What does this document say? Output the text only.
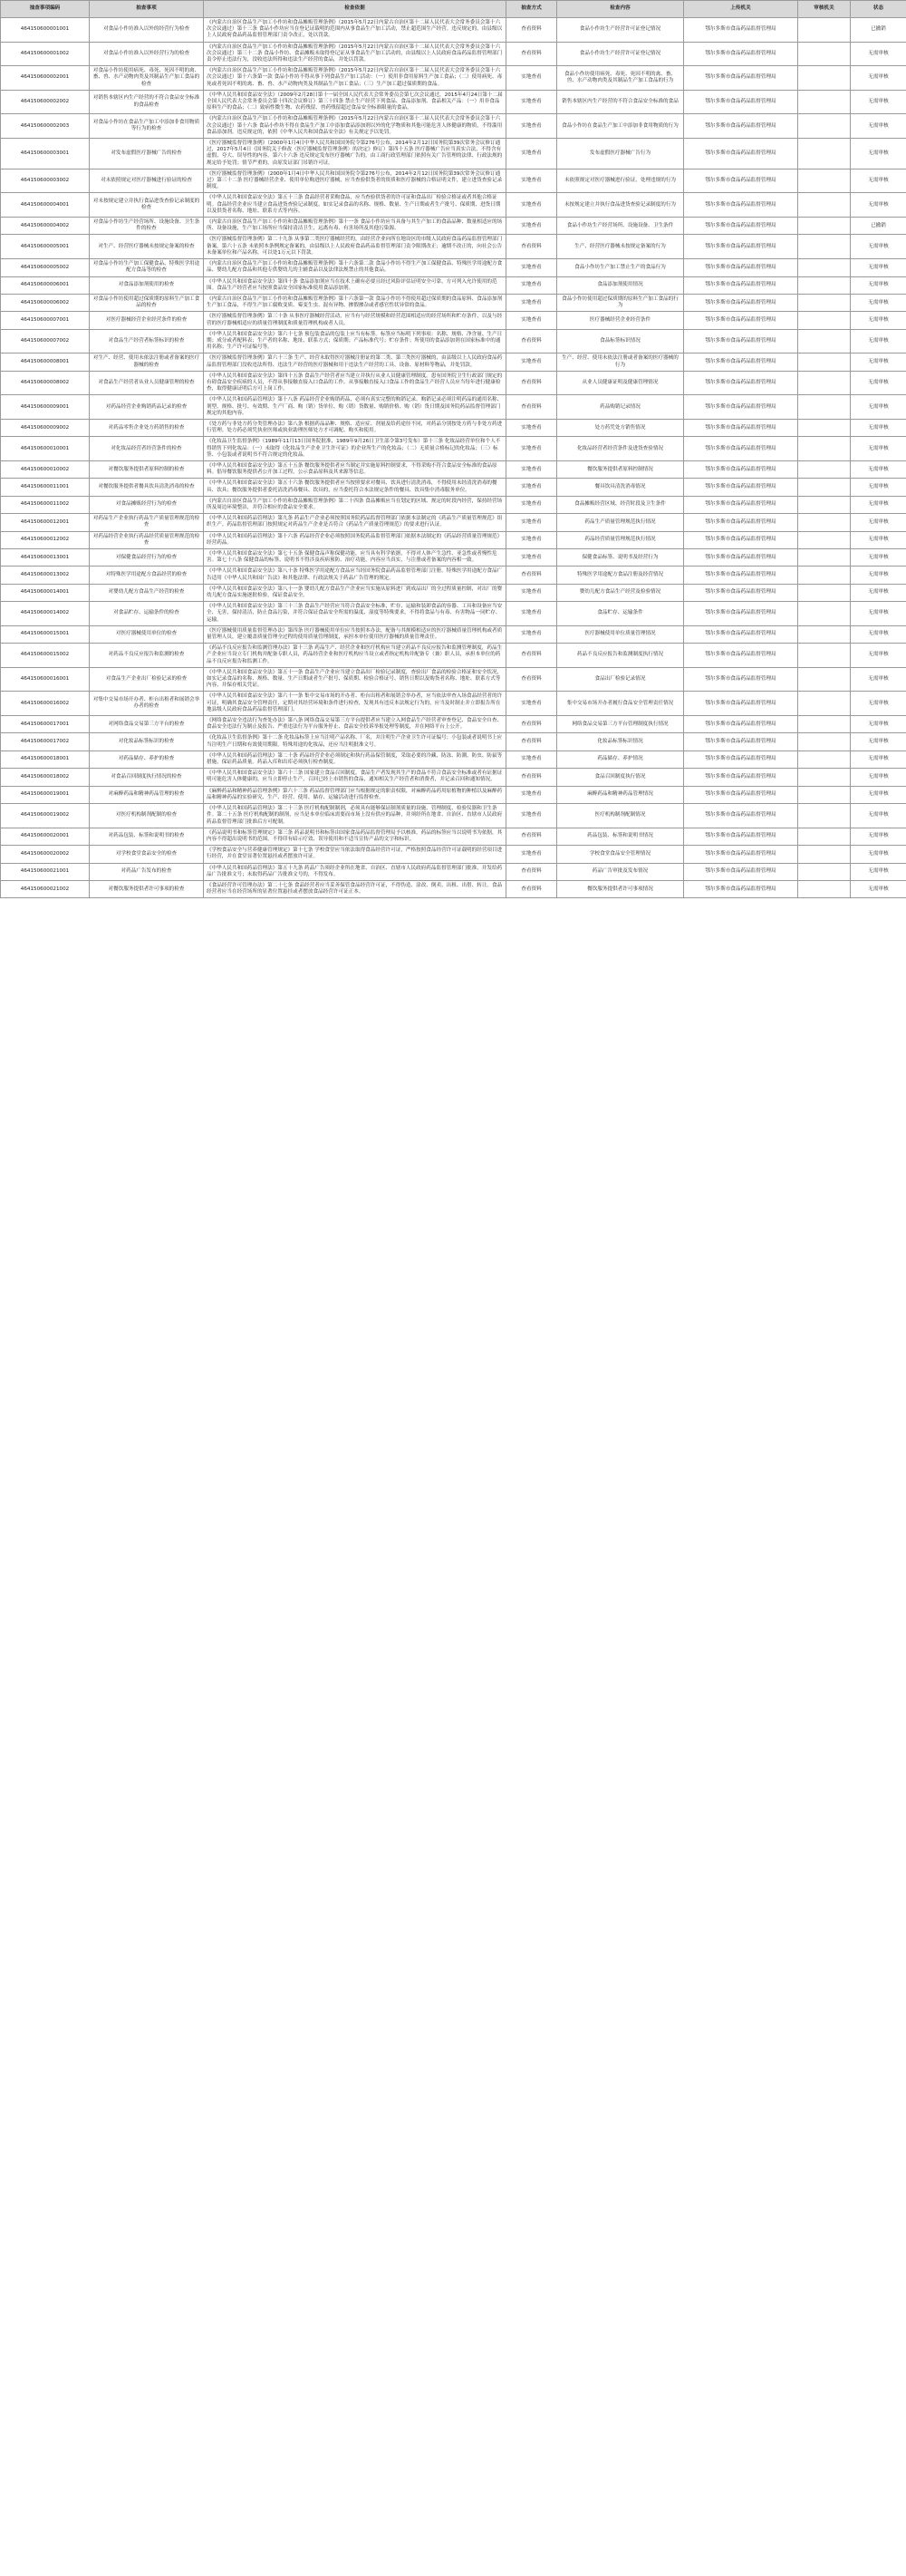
抽查事项编码	抽查事项	检查依据	抽查方式	检查内容	上传机关	审核机关	状态
464150600001001	对食品小作坊准入以外的经营行为检查	《内蒙古自治区食品生产加工小作坊和食品摊贩管理条例》（2015年5月22日内蒙古自治区第十二届人民代表大会常务委员会第十六次会议通过）第十三条 食品小作坊应当在登记证载明的范围内从事食品生产加工活动，禁止超范围生产经营。违反规定的，由县级以上人民政府食品药品监督管理部门责令改正，处以罚款。	查看资料	食品小作坊生产经营许可证登记情况	鄂尔多斯市食品药品监督管理局		已撤销
464150600001002	对食品小作坊准入以外经营行为的检查	《内蒙古自治区食品生产加工小作坊和食品摊贩管理条例》（2015年5月22日内蒙古自治区第十二届人民代表大会常务委员会第十六次会议通过）第三十二条 食品小作坊、食品摊贩未取得登记证从事食品生产加工活动的，由县级以上人民政府食品药品监督管理部门责令停止违法行为，没收违法所得和违法生产经营的食品，并处以罚款。	查看资料	食品小作坊生产经营许可证登记情况	鄂尔多斯市食品药品监督管理局		无需审核
464150600002001	对食品小作坊使用病死、毒死、死因不明的禽、畜、兽、水产动物肉类及其制品生产加工食品的检查	《内蒙古自治区食品生产加工小作坊和食品摊贩管理条例》（2015年5月22日内蒙古自治区第十二届人民代表大会常务委员会第十六次会议通过）第十六条第一款 食品小作坊不得从事下列食品生产加工活动：（一）使用非食用原料生产加工食品；（二）使用病死、毒死或者死因不明的禽、畜、兽、水产动物肉类及其制品生产加工食品；（三）生产加工超过保质期的食品。	实地查看	食品小作坊使用病死、毒死、死因不明的禽、畜、兽、水产动物肉类及其制品生产加工食品的行为	鄂尔多斯市食品药品监督管理局		无需审核
464150600002002	对销售本辖区内生产经营的不符合食品安全标准的食品检查	《中华人民共和国食品安全法》（2009年2月28日第十一届全国人民代表大会常务委员会第七次会议通过，2015年4月24日第十二届全国人民代表大会常务委员会第十四次会议修订）第三十四条 禁止生产经营下列食品、食品添加剂、食品相关产品：（一）用非食品原料生产的食品；（二）致病性微生物、农药残留、兽药残留超过食品安全标准限量的食品。	实地查看	销售本辖区内生产经营的不符合食品安全标准的食品	鄂尔多斯市食品药品监督管理局		无需审核
464150600002003	对食品小作坊在食品生产加工中添加非食用物质等行为的检查	《内蒙古自治区食品生产加工小作坊和食品摊贩管理条例》（2015年5月22日内蒙古自治区第十二届人民代表大会常务委员会第十六次会议通过）第十六条 食品小作坊不得在食品生产加工中添加食品添加剂以外的化学物质和其他可能危害人体健康的物质，不得滥用食品添加剂。违反规定的，依照《中华人民共和国食品安全法》有关规定予以处罚。	实地查看	食品小作坊在食品生产加工中添加非食用物质的行为	鄂尔多斯市食品药品监督管理局		无需审核
464150600003001	对发布虚假医疗器械广告的检查	《医疗器械监督管理条例》（2000年1月4日中华人民共和国国务院令第276号公布，2014年2月12日国务院第39次常务会议修订通过，2017年5月4日《国务院关于修改〈医疗器械监督管理条例〉的决定》修订）第四十五条 医疗器械广告应当真实合法，不得含有虚假、夸大、误导性的内容。第六十六条 违反规定发布医疗器械广告的，由工商行政管理部门依照有关广告管理的法律、行政法规的规定给予处罚；情节严重的，由原发证部门吊销许可证。	实地查看	发布虚假医疗器械广告行为	鄂尔多斯市食品药品监督管理局		无需审核
464150600003002	对未依照规定对医疗器械进行验证的检查	《医疗器械监督管理条例》（2000年1月4日中华人民共和国国务院令第276号公布，2014年2月12日国务院第39次常务会议修订通过）第三十二条 医疗器械经营企业、使用单位购进医疗器械，应当查验供货者的资质和医疗器械的合格证明文件，建立进货查验记录制度。	实地查看	未依照规定对医疗器械进行验证，处理违规的行为	鄂尔多斯市食品药品监督管理局		无需审核
464150600004001	对未按规定建立并执行食品进货查验记录制度的检查	《中华人民共和国食品安全法》第五十三条 食品经营者采购食品，应当查验供货者的许可证和食品出厂检验合格证或者其他合格证明。食品经营企业应当建立食品进货查验记录制度，如实记录食品的名称、规格、数量、生产日期或者生产批号、保质期、进货日期以及供货者名称、地址、联系方式等内容。	实地查看	未按规定建立并执行食品进货查验记录制度的行为	鄂尔多斯市食品药品监督管理局		无需审核
464150600004002	对食品小作坊生产经营场所、设施设备、卫生条件的检查	《内蒙古自治区食品生产加工小作坊和食品摊贩管理条例》第十一条 食品小作坊应当具备与其生产加工的食品品种、数量相适应的场所、设备设施，生产加工场所应当保持清洁卫生，远离有毒、有害场所及其他污染源。	实地查看	食品小作坊生产经营场所、设施设备、卫生条件	鄂尔多斯市食品药品监督管理局		已撤销
464150600005001	对生产、经营医疗器械未按规定备案的检查	《医疗器械监督管理条例》第二十九条 从事第二类医疗器械经营的，由经营企业向所在地设区的市级人民政府食品药品监督管理部门备案。第六十五条 未依照本条例规定备案的，由县级以上人民政府食品药品监督管理部门责令限期改正；逾期不改正的，向社会公告未备案单位和产品名称，可以处1万元以下罚款。	查看资料	生产、经营医疗器械未按规定备案的行为	鄂尔多斯市食品药品监督管理局		无需审核
464150600005002	对食品小作坊生产加工保健食品、特殊医学用途配方食品等的检查	《内蒙古自治区食品生产加工小作坊和食品摊贩管理条例》第十六条第二款 食品小作坊不得生产加工保健食品、特殊医学用途配方食品、婴幼儿配方食品和其他专供婴幼儿的主辅食品以及法律法规禁止的其他食品。	实地查看	食品小作坊生产加工禁止生产的食品行为	鄂尔多斯市食品药品监督管理局		无需审核
464150600006001	对食品添加剂使用的检查	《中华人民共和国食品安全法》第四十条 食品添加剂应当在技术上确有必要且经过风险评估证明安全可靠，方可列入允许使用的范围。食品生产经营者应当按照食品安全国家标准使用食品添加剂。	实地查看	食品添加剂使用情况	鄂尔多斯市食品药品监督管理局		无需审核
464150600006002	对食品小作坊使用超过保质期的原料生产加工食品的检查	《内蒙古自治区食品生产加工小作坊和食品摊贩管理条例》第十六条第一款 食品小作坊不得使用超过保质期的食品原料、食品添加剂生产加工食品，不得生产加工腐败变质、霉变生虫、混有异物、掺假掺杂或者感官性状异常的食品。	实地查看	食品小作坊使用超过保质期的原料生产加工食品的行为	鄂尔多斯市食品药品监督管理局		无需审核
464150600007001	对医疗器械经营企业经营条件的检查	《医疗器械监督管理条例》第三十条 从事医疗器械经营活动，应当有与经营规模和经营范围相适应的经营场所和贮存条件，以及与经营的医疗器械相适应的质量管理制度和质量管理机构或者人员。	实地查看	医疗器械经营企业经营条件	鄂尔多斯市食品药品监督管理局		无需审核
464150600007002	对食品生产经营者标签标识的检查	《中华人民共和国食品安全法》第六十七条 预包装食品的包装上应当有标签。标签应当标明下列事项：名称、规格、净含量、生产日期；成分或者配料表；生产者的名称、地址、联系方式；保质期；产品标准代号；贮存条件；所使用的食品添加剂在国家标准中的通用名称；生产许可证编号等。	查看资料	食品标签标识情况	鄂尔多斯市食品药品监督管理局		无需审核
464150600008001	对生产、经营、使用未依法注册或者备案的医疗器械的检查	《医疗器械监督管理条例》第六十三条 生产、经营未取得医疗器械注册证的第二类、第三类医疗器械的，由县级以上人民政府食品药品监督管理部门没收违法所得、违法生产经营的医疗器械和用于违法生产经营的工具、设备、原材料等物品，并处罚款。	实地查看	生产、经营、使用未依法注册或者备案的医疗器械的行为	鄂尔多斯市食品药品监督管理局		无需审核
464150600008002	对食品生产经营者从业人员健康管理的检查	《中华人民共和国食品安全法》第四十五条 食品生产经营者应当建立并执行从业人员健康管理制度。患有国务院卫生行政部门规定的有碍食品安全疾病的人员，不得从事接触直接入口食品的工作。从事接触直接入口食品工作的食品生产经营人员应当每年进行健康检查，取得健康证明后方可上岗工作。	查看资料	从业人员健康证明及健康管理情况	鄂尔多斯市食品药品监督管理局		无需审核
464150600009001	对药品经营企业购销药品记录的检查	《中华人民共和国药品管理法》第十八条 药品经营企业购销药品，必须有真实完整的购销记录。购销记录必须注明药品的通用名称、剂型、规格、批号、有效期、生产厂商、购（销）货单位、购（销）货数量、购销价格、购（销）货日期及国务院药品监督管理部门规定的其他内容。	查看资料	药品购销记录情况	鄂尔多斯市食品药品监督管理局		无需审核
464150600009002	对药品零售企业处方药销售的检查	《处方药与非处方药分类管理办法》第八条 根据药品品种、规格、适应症、剂量及给药途径不同，对药品分别按处方药与非处方药进行管理。处方药必须凭执业医师或执业助理医师处方才可调配、购买和使用。	实地查看	处方药凭处方销售情况	鄂尔多斯市食品药品监督管理局		无需审核
464150600010001	对化妆品经营者经营条件的检查	《化妆品卫生监督条例》（1989年11月13日国务院批准，1989年9月26日卫生部令第3号发布）第十三条 化妆品经营单位和个人不得销售下列化妆品：（一）未取得《化妆品生产企业卫生许可证》的企业所生产的化妆品；（二）无质量合格标记的化妆品；（三）标签、小包装或者说明书不符合规定的化妆品。	实地查看	化妆品经营者经营条件及进货查验情况	鄂尔多斯市食品药品监督管理局		无需审核
464150600010002	对餐饮服务提供者原料控制的检查	《中华人民共和国食品安全法》第五十五条 餐饮服务提供者应当制定并实施原料控制要求，不得采购不符合食品安全标准的食品原料。倡导餐饮服务提供者公开加工过程，公示食品原料及其来源等信息。	实地查看	餐饮服务提供者原料控制情况	鄂尔多斯市食品药品监督管理局		无需审核
464150600011001	对餐饮服务提供者餐具饮具清洗消毒的检查	《中华人民共和国食品安全法》第五十六条 餐饮服务提供者应当按照要求对餐具、饮具进行清洗消毒，不得使用未经清洗消毒的餐具、饮具；餐饮服务提供者委托清洗消毒餐具、饮具的，应当委托符合本法规定条件的餐具、饮具集中消毒服务单位。	实地查看	餐具饮具清洗消毒情况	鄂尔多斯市食品药品监督管理局		无需审核
464150600011002	对食品摊贩经营行为的检查	《内蒙古自治区食品生产加工小作坊和食品摊贩管理条例》第二十四条 食品摊贩应当在划定的区域、规定的时段内经营，保持经营场所及周边环境整洁，并符合相应的食品安全要求。	实地查看	食品摊贩经营区域、经营时段及卫生条件	鄂尔多斯市食品药品监督管理局		无需审核
464150600012001	对药品生产企业执行药品生产质量管理规范的检查	《中华人民共和国药品管理法》第九条 药品生产企业必须按照国务院药品监督管理部门依据本法制定的《药品生产质量管理规范》组织生产。药品监督管理部门按照规定对药品生产企业是否符合《药品生产质量管理规范》的要求进行认证。	实地查看	药品生产质量管理规范执行情况	鄂尔多斯市食品药品监督管理局		无需审核
464150600012002	对药品经营企业执行药品经营质量管理规范的检查	《中华人民共和国药品管理法》第十六条 药品经营企业必须按照国务院药品监督管理部门依据本法制定的《药品经营质量管理规范》经营药品。	实地查看	药品经营质量管理规范执行情况	鄂尔多斯市食品药品监督管理局		无需审核
464150600013001	对保健食品经营行为的检查	《中华人民共和国食品安全法》第七十五条 保健食品声称保健功能，应当具有科学依据，不得对人体产生急性、亚急性或者慢性危害。第七十八条 保健食品的标签、说明书不得涉及疾病预防、治疗功能，内容应当真实，与注册或者备案的内容相一致。	实地查看	保健食品标签、说明书及经营行为	鄂尔多斯市食品药品监督管理局		无需审核
464150600013002	对特殊医学用途配方食品经营的检查	《中华人民共和国食品安全法》第八十条 特殊医学用途配方食品应当经国务院食品药品监督管理部门注册。特殊医学用途配方食品广告适用《中华人民共和国广告法》和其他法律、行政法规关于药品广告管理的规定。	查看资料	特殊医学用途配方食品注册及经营情况	鄂尔多斯市食品药品监督管理局		无需审核
464150600014001	对婴幼儿配方食品生产经营的检查	《中华人民共和国食品安全法》第八十一条 婴幼儿配方食品生产企业应当实施从原料进厂到成品出厂的全过程质量控制，对出厂的婴幼儿配方食品实施逐批检验，保证食品安全。	实地查看	婴幼儿配方食品生产经营及检验情况	鄂尔多斯市食品药品监督管理局		无需审核
464150600014002	对食品贮存、运输条件的检查	《中华人民共和国食品安全法》第三十三条 食品生产经营应当符合食品安全标准，贮存、运输和装卸食品的容器、工具和设备应当安全、无害，保持清洁，防止食品污染，并符合保证食品安全所需的温度、湿度等特殊要求，不得将食品与有毒、有害物品一同贮存、运输。	实地查看	食品贮存、运输条件	鄂尔多斯市食品药品监督管理局		无需审核
464150600015001	对医疗器械使用单位的检查	《医疗器械使用质量监督管理办法》第四条 医疗器械使用单位应当按照本办法，配备与其规模相适应的医疗器械质量管理机构或者质量管理人员，建立覆盖质量管理全过程的使用质量管理制度，承担本单位使用医疗器械的质量管理责任。	实地查看	医疗器械使用单位质量管理情况	鄂尔多斯市食品药品监督管理局		无需审核
464150600015002	对药品不良反应报告和监测的检查	《药品不良反应报告和监测管理办法》第十三条 药品生产、经营企业和医疗机构应当建立药品不良反应报告和监测管理制度，药品生产企业应当设立专门机构并配备专职人员，药品经营企业和医疗机构应当设立或者指定机构并配备专（兼）职人员，承担本单位的药品不良反应报告和监测工作。	查看资料	药品不良反应报告和监测制度执行情况	鄂尔多斯市食品药品监督管理局		无需审核
464150600016001	对食品生产企业出厂检验记录的检查	《中华人民共和国食品安全法》第五十一条 食品生产企业应当建立食品出厂检验记录制度，查验出厂食品的检验合格证和安全状况，如实记录食品的名称、规格、数量、生产日期或者生产批号、保质期、检验合格证号、销售日期以及购货者名称、地址、联系方式等内容，并保存相关凭证。	查看资料	食品出厂检验记录情况	鄂尔多斯市食品药品监督管理局		无需审核
464150600016002	对集中交易市场开办者、柜台出租者和展销会举办者的检查	《中华人民共和国食品安全法》第六十一条 集中交易市场的开办者、柜台出租者和展销会举办者，应当依法审查入场食品经营者的许可证，明确其食品安全管理责任，定期对其经营环境和条件进行检查，发现其有违反本法规定行为的，应当及时制止并立即报告所在地县级人民政府食品药品监督管理部门。	实地查看	集中交易市场开办者履行食品安全管理责任情况	鄂尔多斯市食品药品监督管理局		无需审核
464150600017001	对网络食品交易第三方平台的检查	《网络食品安全违法行为查处办法》第八条 网络食品交易第三方平台提供者应当建立入网食品生产经营者审查登记、食品安全自查、食品安全违法行为制止及报告、严重违法行为平台服务停止、食品安全投诉举报处理等制度，并在网络平台上公开。	查看资料	网络食品交易第三方平台管理制度执行情况	鄂尔多斯市食品药品监督管理局		无需审核
464150600017002	对化妆品标签标识的检查	《化妆品卫生监督条例》第十二条 化妆品标签上应当注明产品名称、厂名，并注明生产企业卫生许可证编号；小包装或者说明书上应当注明生产日期和有效使用期限。特殊用途的化妆品，还应当注明批准文号。	查看资料	化妆品标签标识情况	鄂尔多斯市食品药品监督管理局		无需审核
464150600018001	对药品储存、养护的检查	《中华人民共和国药品管理法》第二十条 药品经营企业必须制定和执行药品保管制度，采取必要的冷藏、防冻、防潮、防虫、防鼠等措施，保证药品质量。药品入库和出库必须执行检查制度。	实地查看	药品储存、养护情况	鄂尔多斯市食品药品监督管理局		无需审核
464150600018002	对食品召回制度执行情况的检查	《中华人民共和国食品安全法》第六十三条 国家建立食品召回制度。食品生产者发现其生产的食品不符合食品安全标准或者有证据证明可能危害人体健康的，应当立即停止生产，召回已经上市销售的食品，通知相关生产经营者和消费者，并记录召回和通知情况。	查看资料	食品召回制度执行情况	鄂尔多斯市食品药品监督管理局		无需审核
464150600019001	对麻醉药品和精神药品管理的检查	《麻醉药品和精神药品管理条例》第六十三条 药品监督管理部门应当根据规定的职责权限，对麻醉药品药用原植物的种植以及麻醉药品和精神药品的实验研究、生产、经营、使用、储存、运输活动进行监督检查。	实地查看	麻醉药品和精神药品管理情况	鄂尔多斯市食品药品监督管理局		无需审核
464150600019002	对医疗机构制剂配制的检查	《中华人民共和国药品管理法》第二十三条 医疗机构配制制剂，必须具有能够保证制剂质量的设施、管理制度、检验仪器和卫生条件。第二十五条 医疗机构配制的制剂，应当是本单位临床需要而市场上没有供应的品种，并须经所在地省、自治区、直辖市人民政府药品监督管理部门批准后方可配制。	实地查看	医疗机构制剂配制情况	鄂尔多斯市食品药品监督管理局		无需审核
464150600020001	对药品包装、标签和说明书的检查	《药品说明书和标签管理规定》第三条 药品说明书和标签由国家食品药品监督管理局予以核准。药品的标签应当以说明书为依据，其内容不得超出说明书的范围，不得印有暗示疗效、误导使用和不适当宣传产品的文字和标识。	查看资料	药品包装、标签和说明书情况	鄂尔多斯市食品药品监督管理局		无需审核
464150600020002	对学校食堂食品安全的检查	《学校食品安全与营养健康管理规定》第十七条 学校食堂应当依法取得食品经营许可证，严格按照食品经营许可证载明的经营项目进行经营，并在食堂显著位置悬挂或者摆放许可证。	实地查看	学校食堂食品安全管理情况	鄂尔多斯市食品药品监督管理局		无需审核
464150600021001	对药品广告发布的检查	《中华人民共和国药品管理法》第五十九条 药品广告须经企业所在地省、自治区、直辖市人民政府药品监督管理部门批准，并发给药品广告批准文号；未取得药品广告批准文号的，不得发布。	查看资料	药品广告审批及发布情况	鄂尔多斯市食品药品监督管理局		无需审核
464150600021002	对餐饮服务提供者许可事项的检查	《食品经营许可管理办法》第二十七条 食品经营者应当妥善保管食品经营许可证，不得伪造、涂改、倒卖、出租、出借、转让。食品经营者应当在经营场所的显著位置悬挂或者摆放食品经营许可证正本。	查看资料	餐饮服务提供者许可事项情况	鄂尔多斯市食品药品监督管理局		无需审核
